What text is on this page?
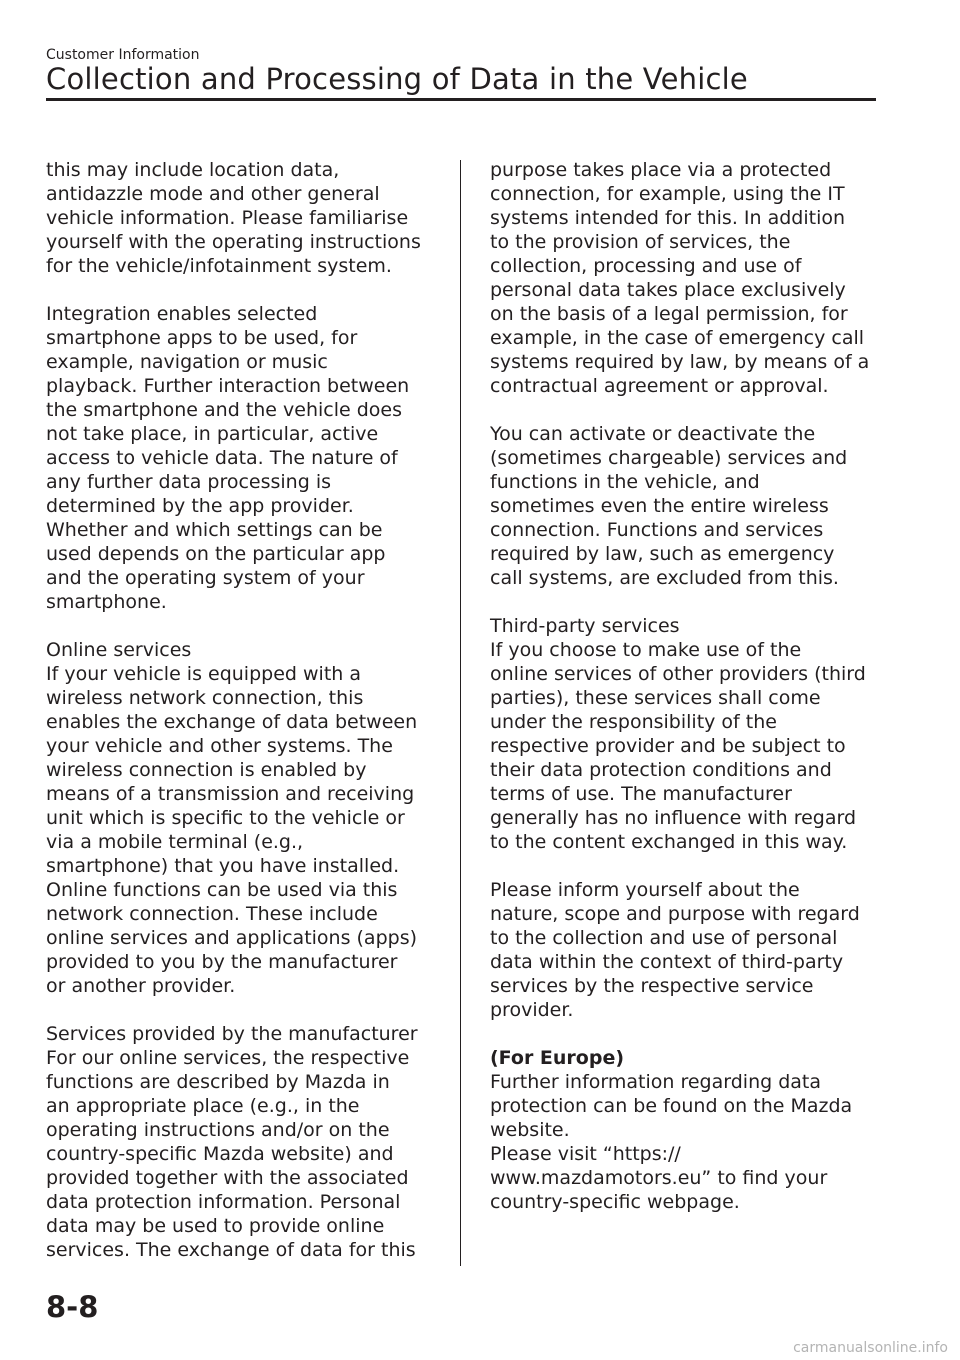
Customer Information
Collection and Processing of Data in the Vehicle
this may include location data,
antidazzle mode and other general
vehicle information. Please familiarise
yourself with the operating instructions
for the vehicle/infotainment system.
Integration enables selected
smartphone apps to be used, for
example, navigation or music
playback. Further interaction between
the smartphone and the vehicle does
not take place, in particular, active
access to vehicle data. The nature of
any further data processing is
determined by the app provider.
Whether and which settings can be
used depends on the particular app
and the operating system of your
smartphone.
Online services
If your vehicle is equipped with a
wireless network connection, this
enables the exchange of data between
your vehicle and other systems. The
wireless connection is enabled by
means of a transmission and receiving
unit which is specific to the vehicle or
via a mobile terminal (e.g.,
smartphone) that you have installed.
Online functions can be used via this
network connection. These include
online services and applications (apps)
provided to you by the manufacturer
or another provider.
Services provided by the manufacturer
For our online services, the respective
functions are described by Mazda in
an appropriate place (e.g., in the
operating instructions and/or on the
country-specific Mazda website) and
provided together with the associated
data protection information. Personal
data may be used to provide online
services. The exchange of data for this
purpose takes place via a protected
connection, for example, using the IT
systems intended for this. In addition
to the provision of services, the
collection, processing and use of
personal data takes place exclusively
on the basis of a legal permission, for
example, in the case of emergency call
systems required by law, by means of a
contractual agreement or approval.
You can activate or deactivate the
(sometimes chargeable) services and
functions in the vehicle, and
sometimes even the entire wireless
connection. Functions and services
required by law, such as emergency
call systems, are excluded from this.
Third-party services
If you choose to make use of the
online services of other providers (third
parties), these services shall come
under the responsibility of the
respective provider and be subject to
their data protection conditions and
terms of use. The manufacturer
generally has no influence with regard
to the content exchanged in this way.
Please inform yourself about the
nature, scope and purpose with regard
to the collection and use of personal
data within the context of third-party
services by the respective service
provider.
(For Europe)
Further information regarding data
protection can be found on the Mazda
website.
Please visit “https://
www.mazdamotors.eu” to find your
country-specific webpage.
8-8
carmanualsonline.info
